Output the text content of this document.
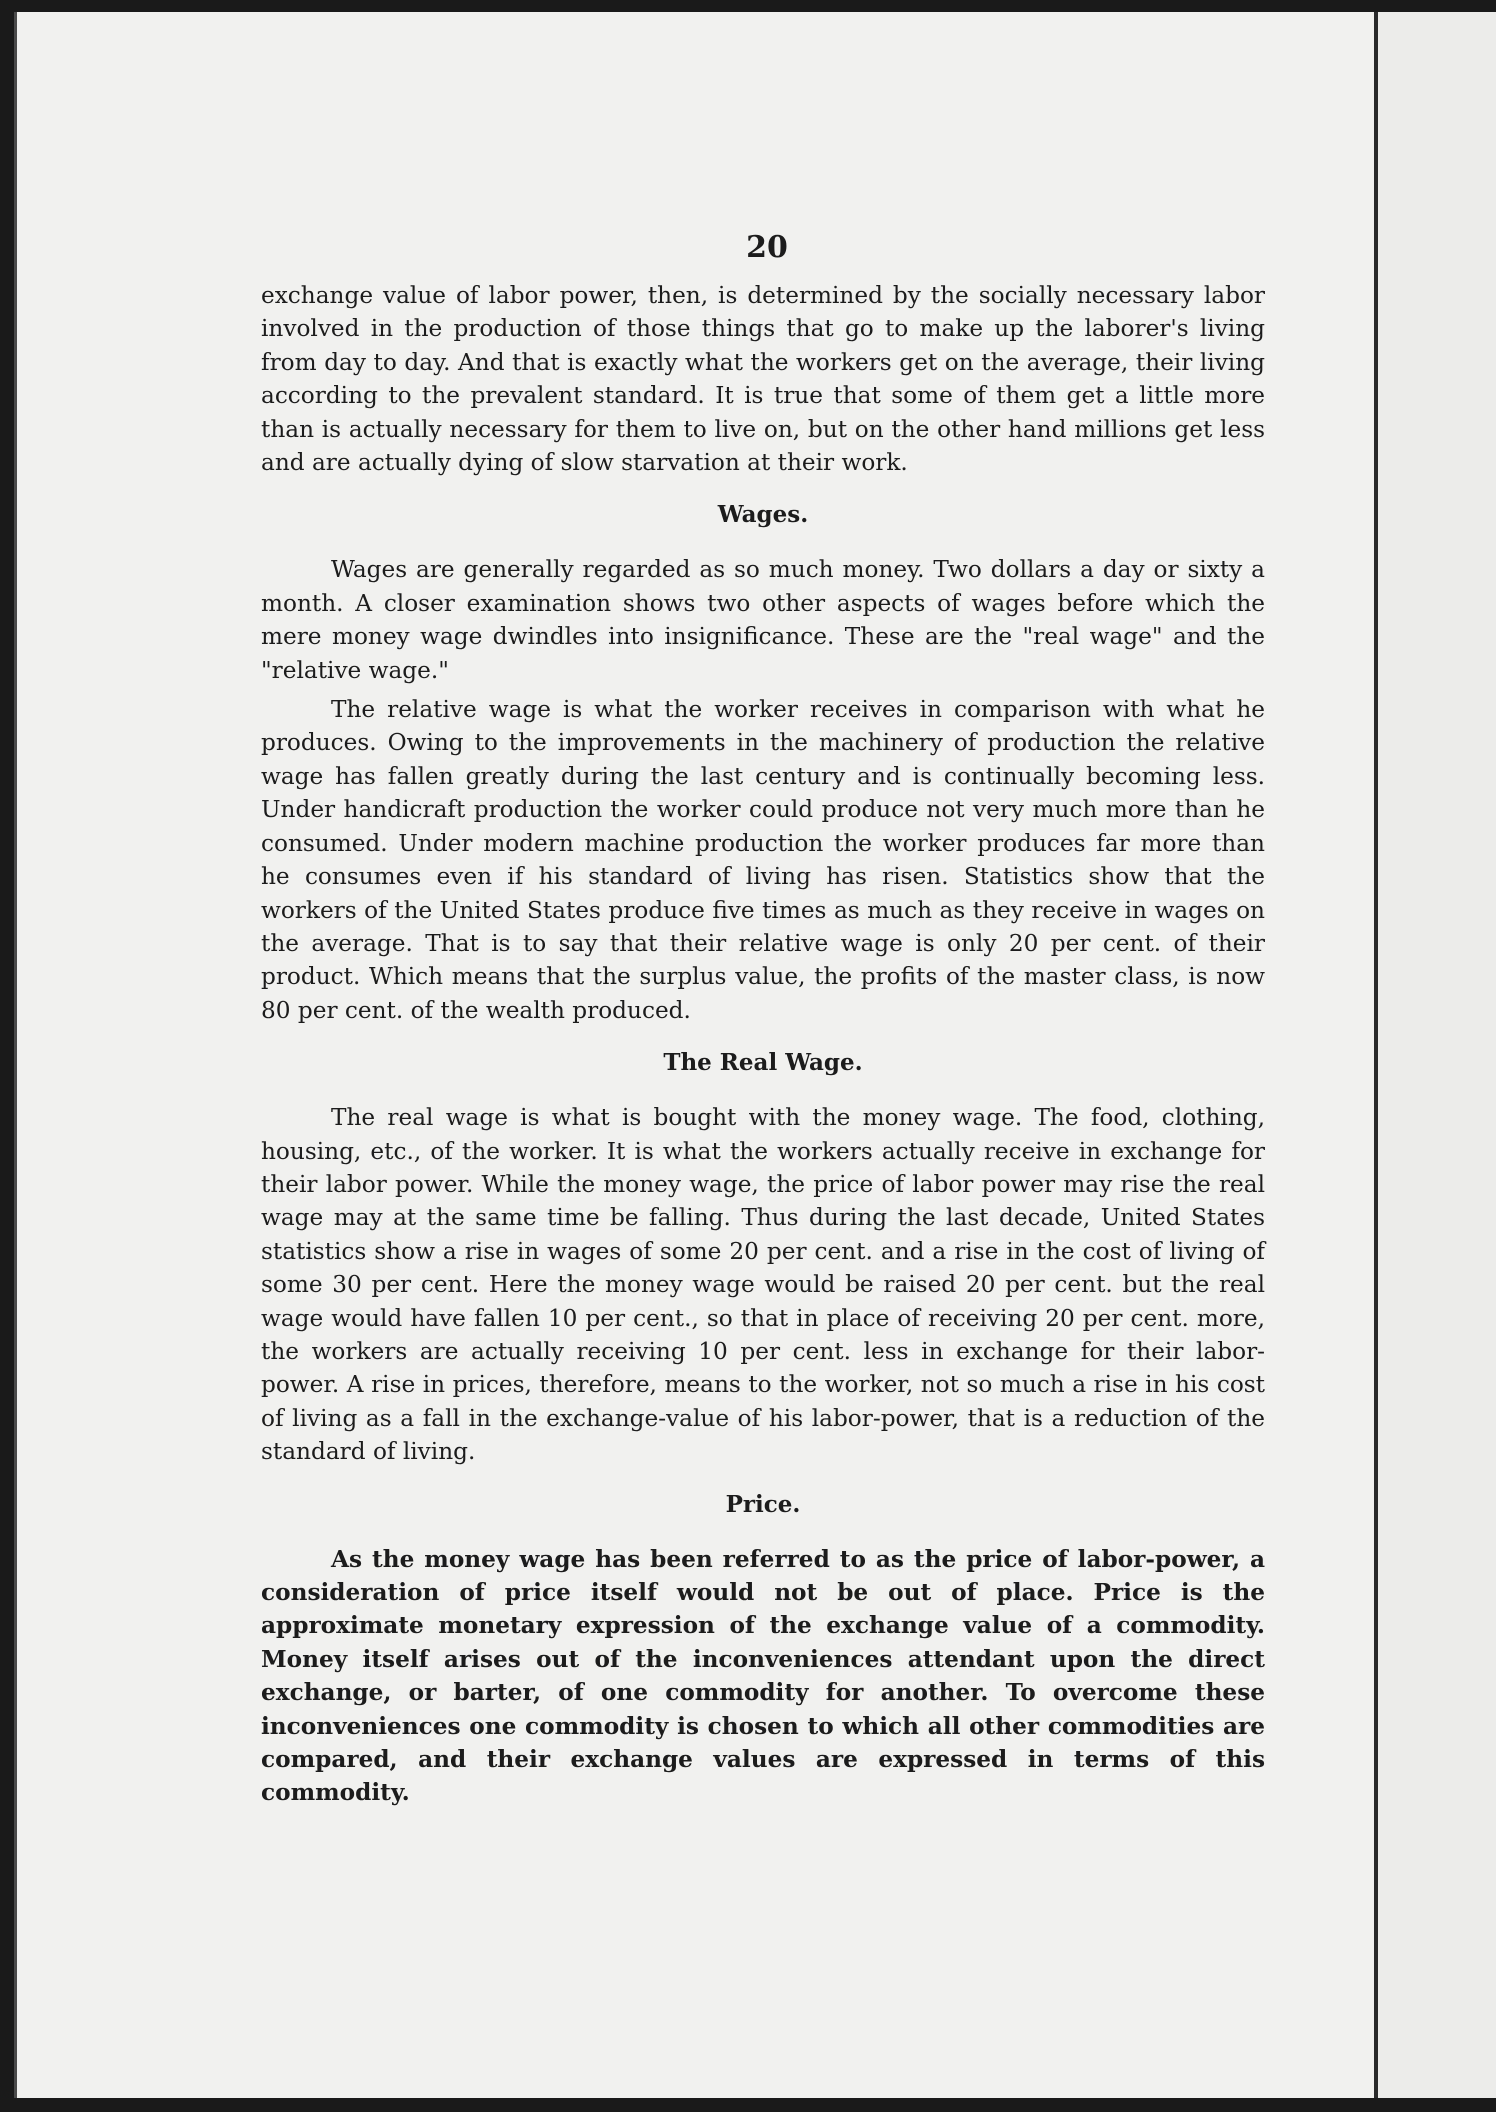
20

exchange value of labor power, then, is determined by the socially necessary labor involved in the production of those things that go to make up the laborer's living from day to day. And that is exactly what the workers get on the average, their living according to the prevalent standard. It is true that some of them get a little more than is actually necessary for them to live on, but on the other hand millions get less and are actually dying of slow starvation at their work.

Wages.

Wages are generally regarded as so much money. Two dollars a day or sixty a month. A closer examination shows two other aspects of wages before which the mere money wage dwindles into insignificance. These are the "real wage" and the "relative wage."

The relative wage is what the worker receives in comparison with what he produces. Owing to the improvements in the machinery of production the relative wage has fallen greatly during the last century and is continually becoming less. Under handicraft production the worker could produce not very much more than he consumed. Under modern machine production the worker produces far more than he consumes even if his standard of living has risen. Statistics show that the workers of the United States produce five times as much as they receive in wages on the average. That is to say that their relative wage is only 20 per cent. of their product. Which means that the surplus value, the profits of the master class, is now 80 per cent. of the wealth produced.

The Real Wage.

The real wage is what is bought with the money wage. The food, clothing, housing, etc., of the worker. It is what the workers actually receive in exchange for their labor power. While the money wage, the price of labor power may rise the real wage may at the same time be falling. Thus during the last decade, United States statistics show a rise in wages of some 20 per cent. and a rise in the cost of living of some 30 per cent. Here the money wage would be raised 20 per cent. but the real wage would have fallen 10 per cent., so that in place of receiving 20 per cent. more, the workers are actually receiving 10 per cent. less in exchange for their labor-power. A rise in prices, therefore, means to the worker, not so much a rise in his cost of living as a fall in the exchange-value of his labor-power, that is a reduction of the standard of living.

Price.

As the money wage has been referred to as the price of labor-power, a consideration of price itself would not be out of place. Price is the approximate monetary expression of the exchange value of a commodity. Money itself arises out of the inconveniences attendant upon the direct exchange, or barter, of one commodity for another. To overcome these inconveniences one commodity is chosen to which all other commodities are compared, and their exchange values are expressed in terms of this commodity.
